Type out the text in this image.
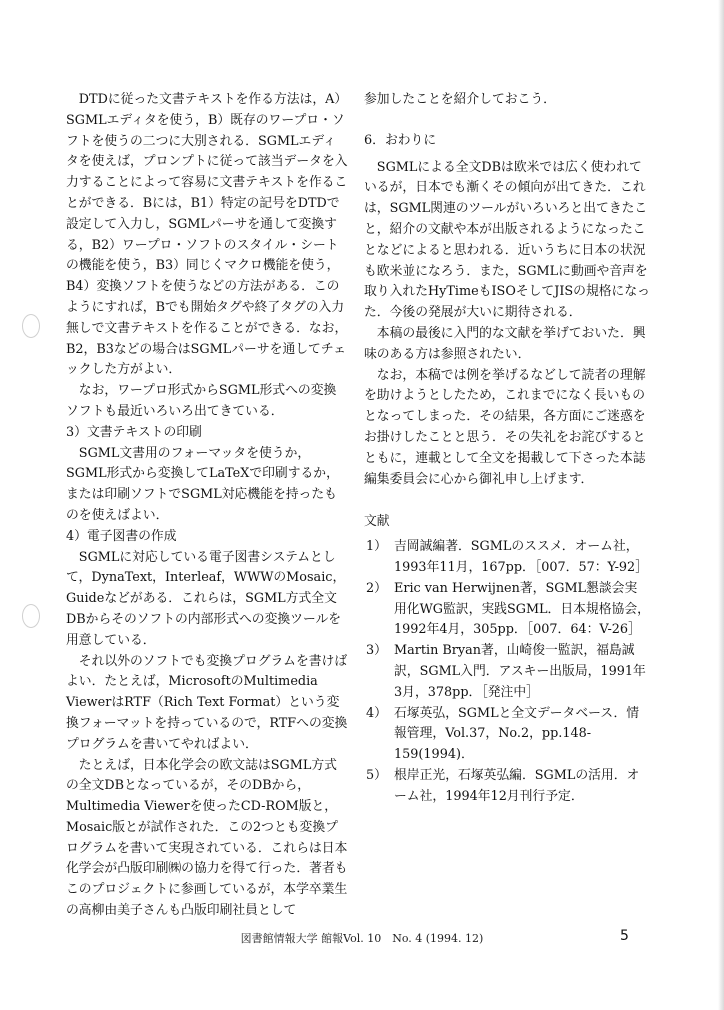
DTDに従った文書テキストを作る方法は，A）SGMLエディタを使う，B）既存のワープロ・ソフトを使うの二つに大別される．SGMLエディタを使えば，プロンプトに従って該当データを入力することによって容易に文書テキストを作ることができる．Bには，B1）特定の記号をDTDで設定して入力し，SGMLパーサを通して変換する，B2）ワープロ・ソフトのスタイル・シートの機能を使う，B3）同じくマクロ機能を使う，B4）変換ソフトを使うなどの方法がある．このようにすれば，Bでも開始タグや終了タグの入力無しで文書テキストを作ることができる．なお，B2，B3などの場合はSGMLパーサを通してチェックした方がよい．

なお，ワープロ形式からSGML形式への変換ソフトも最近いろいろ出てきている．

3）文書テキストの印刷

SGML文書用のフォーマッタを使うか，SGML形式から変換してLaTeXで印刷するか，または印刷ソフトでSGML対応機能を持ったものを使えばよい．

4）電子図書の作成

SGMLに対応している電子図書システムとして，DynaText，Interleaf，WWWのMosaic，Guideなどがある．これらは，SGML方式全文DBからそのソフトの内部形式への変換ツールを用意している．

それ以外のソフトでも変換プログラムを書けばよい．たとえば，MicrosoftのMultimedia ViewerはRTF（Rich Text Format）という変換フォーマットを持っているので，RTFへの変換プログラムを書いてやればよい．

たとえば，日本化学会の欧文誌はSGML方式の全文DBとなっているが，そのDBから，Multimedia Viewerを使ったCD-ROM版と，Mosaic版とが試作された．この2つとも変換プログラムを書いて実現されている．これらは日本化学会が凸版印刷㈱の協力を得て行った．著者もこのプロジェクトに参画しているが，本学卒業生の高柳由美子さんも凸版印刷社員として

参加したことを紹介しておこう．

6．おわりに

SGMLによる全文DBは欧米では広く使われているが，日本でも漸くその傾向が出てきた．これは，SGML関連のツールがいろいろと出てきたこと，紹介の文献や本が出版されるようになったことなどによると思われる．近いうちに日本の状況も欧米並になろう．また，SGMLに動画や音声を取り入れたHyTimeもISOそしてJISの規格になった．今後の発展が大いに期待される．

本稿の最後に入門的な文献を挙げておいた．興味のある方は参照されたい．

なお，本稿では例を挙げるなどして読者の理解を助けようとしたため，これまでになく長いものとなってしまった．その結果，各方面にご迷惑をお掛けしたことと思う．その失礼をお詫びするとともに，連載として全文を掲載して下さった本誌編集委員会に心から御礼申し上げます．

文献

1） 吉岡誠編著．SGMLのススメ．オーム社，1993年11月，167pp．［007．57：Y-92］
2） Eric van Herwijnen著，SGML懇談会実用化WG監訳，実践SGML．日本規格協会，1992年4月，305pp．［007．64：V-26］
3） Martin Bryan著，山崎俊一監訳，福島誠訳，SGML入門．アスキー出版局，1991年3月，378pp．［発注中］
4） 石塚英弘，SGMLと全文データベース．情報管理，Vol.37，No.2，pp.148-159(1994)．
5） 根岸正光，石塚英弘編．SGMLの活用．オーム社，1994年12月刊行予定．
図書館情報大学 館報Vol. 10　No. 4 (1994. 12)	5
